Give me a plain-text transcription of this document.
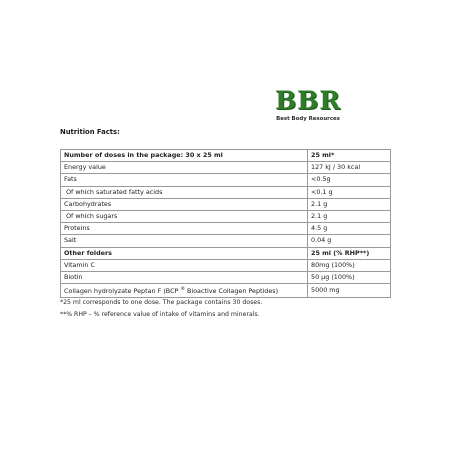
BBR
Best Body Resources
Nutrition Facts:
Number of doses in the package: 30 x 25 ml	25 ml*
Energy value	127 kJ / 30 kcal
Fats	<0.5g
Of which saturated fatty acids	<0.1 g
Carbohydrates	2.1 g
Of which sugars	2.1 g
Proteins	4.5 g
Salt	0.04 g
Other folders	25 ml (% RHP**)
Vitamin C	80mg (100%)
Biotin	50 μg (100%)
Collagen hydrolyzate Peptan F (BCP ® Bioactive Collagen Peptides)	5000 mg
*25 ml corresponds to one dose. The package contains 30 doses.
**% RHP – % reference value of intake of vitamins and minerals.
